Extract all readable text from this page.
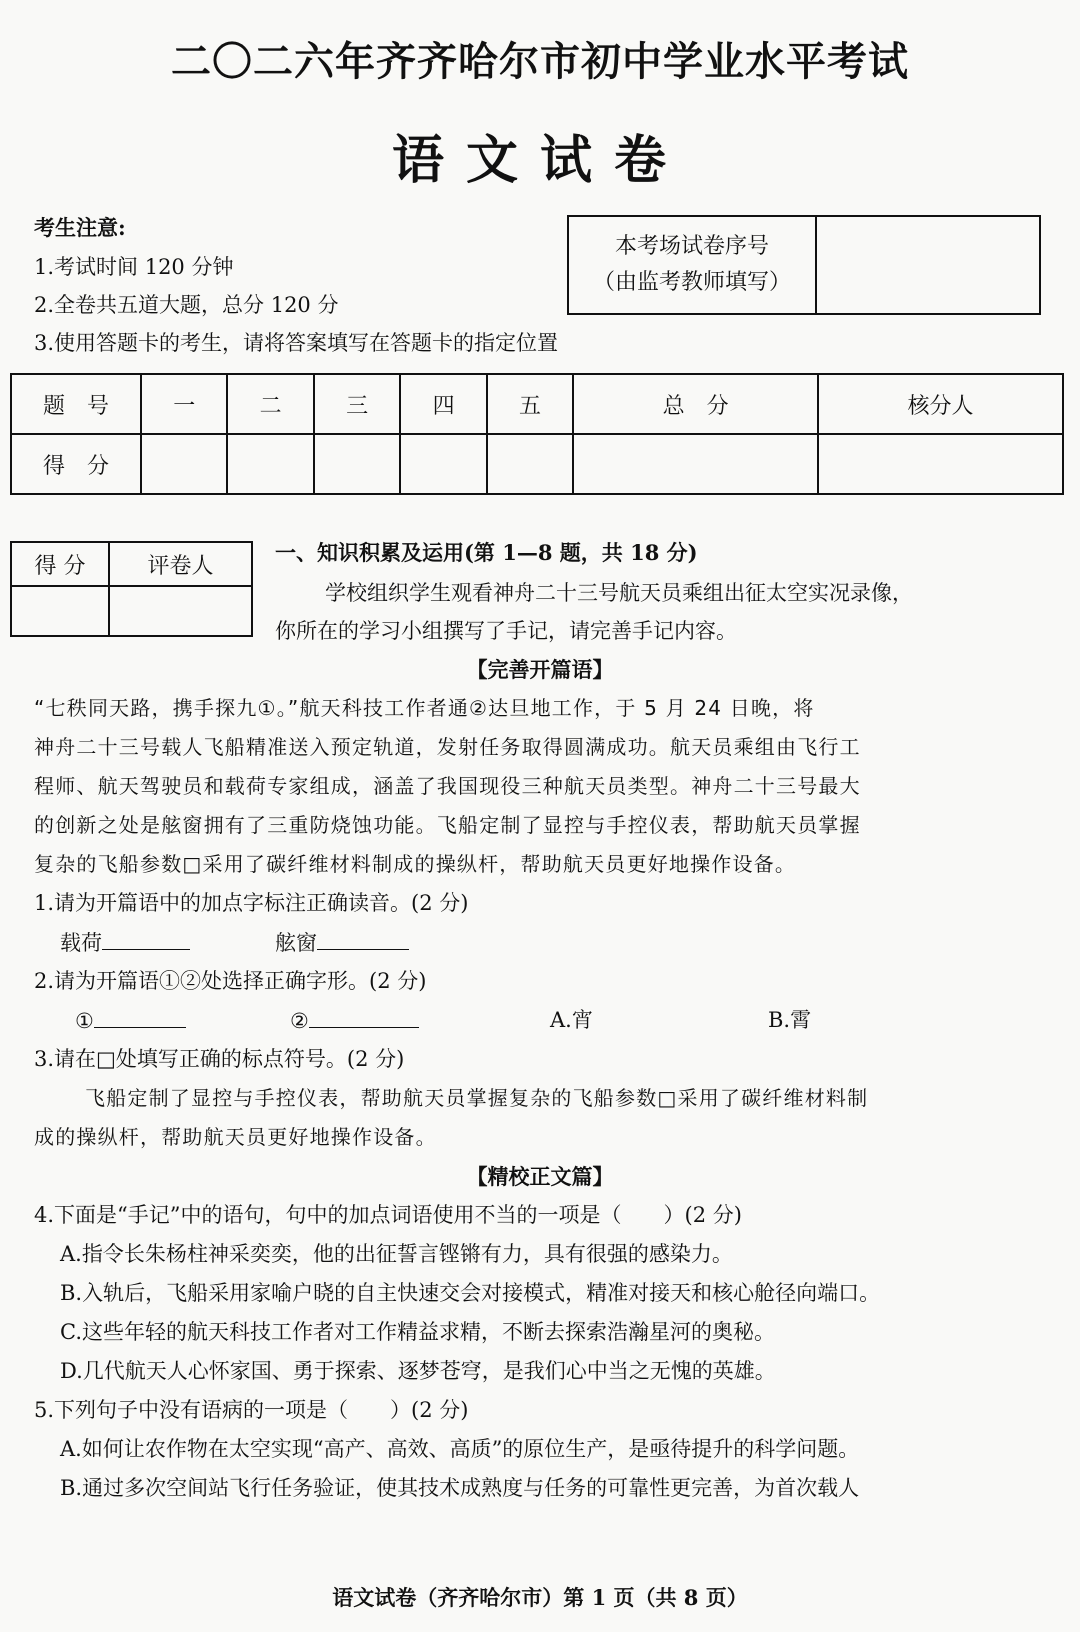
二〇二六年齐齐哈尔市初中学业水平考试
语文试卷
考生注意:
1.考试时间 120 分钟
2.全卷共五道大题，总分 120 分
3.使用答题卡的考生，请将答案填写在答题卡的指定位置
本考场试卷序号
（由监考教师填写）

题　号	一	二	三	四	五	总　分	核分人
得　分							
得 分	评卷人

一、知识积累及运用(第 1—8 题，共 18 分)
学校组织学生观看神舟二十三号航天员乘组出征太空实况录像，
你所在的学习小组撰写了手记，请完善手记内容。
【完善开篇语】
“七秩同天路，携手探九①。”航天科技工作者通②达旦地工作，于 5 月 24 日晚，将
神舟二十三号载人飞船精准送入预定轨道，发射任务取得圆满成功。航天员乘组由飞行工
程师、航天驾驶员和载荷专家组成，涵盖了我国现役三种航天员类型。神舟二十三号最大
的创新之处是舷窗拥有了三重防烧蚀功能。飞船定制了显控与手控仪表，帮助航天员掌握
复杂的飞船参数□采用了碳纤维材料制成的操纵杆，帮助航天员更好地操作设备。
1.请为开篇语中的加点字标注正确读音。(2 分)
载荷	舷窗
2.请为开篇语①②处选择正确字形。(2 分)
①	②	A.宵	B.霄
3.请在□处填写正确的标点符号。(2 分)
飞船定制了显控与手控仪表，帮助航天员掌握复杂的飞船参数□采用了碳纤维材料制
成的操纵杆，帮助航天员更好地操作设备。
【精校正文篇】
4.下面是“手记”中的语句，句中的加点词语使用不当的一项是（　　）(2 分)
A.指令长朱杨柱神采奕奕，他的出征誓言铿锵有力，具有很强的感染力。
B.入轨后，飞船采用家喻户晓的自主快速交会对接模式，精准对接天和核心舱径向端口。
C.这些年轻的航天科技工作者对工作精益求精，不断去探索浩瀚星河的奥秘。
D.几代航天人心怀家国、勇于探索、逐梦苍穹，是我们心中当之无愧的英雄。
5.下列句子中没有语病的一项是（　　）(2 分)
A.如何让农作物在太空实现“高产、高效、高质”的原位生产，是亟待提升的科学问题。
B.通过多次空间站飞行任务验证，使其技术成熟度与任务的可靠性更完善，为首次载人
语文试卷（齐齐哈尔市）第 1 页（共 8 页）
